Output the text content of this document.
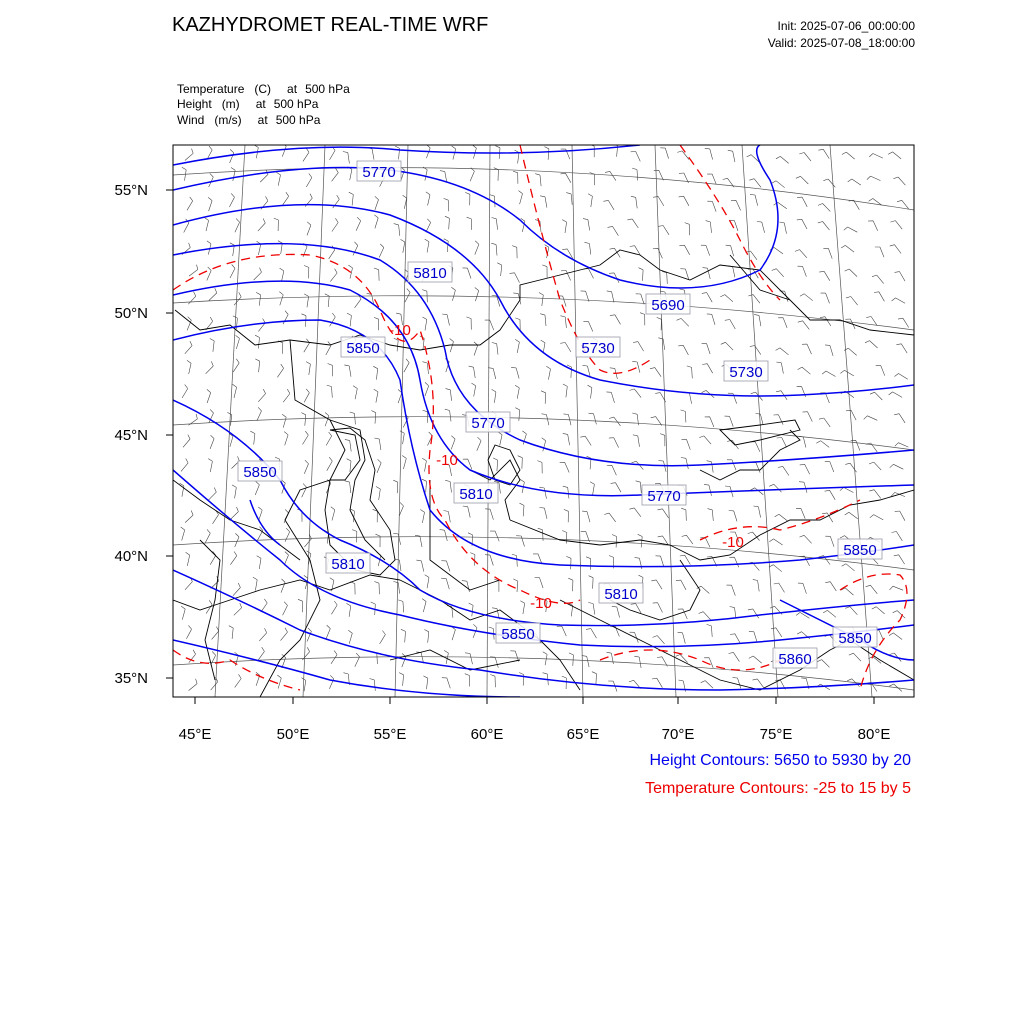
KAZHYDROMET REAL-TIME WRF	Init: 2025-07-06_00:00:00
Valid: 2025-07-08_18:00:00
Temperature (C) at 500 hPa
Height (m) at 500 hPa
Wind (m/s) at 500 hPa
55°N
50°N
45°N
40°N
35°N
45°E	50°E	55°E	60°E	65°E	70°E	75°E	80°E
5770
5810
5690
5850	5730
5730
5770
5850
5810	5770
5850
5810
5810
5850	5850
5860
-10
-10
-10
-10
Height Contours: 5650 to 5930 by 20
Temperature Contours: -25 to 15 by 5
